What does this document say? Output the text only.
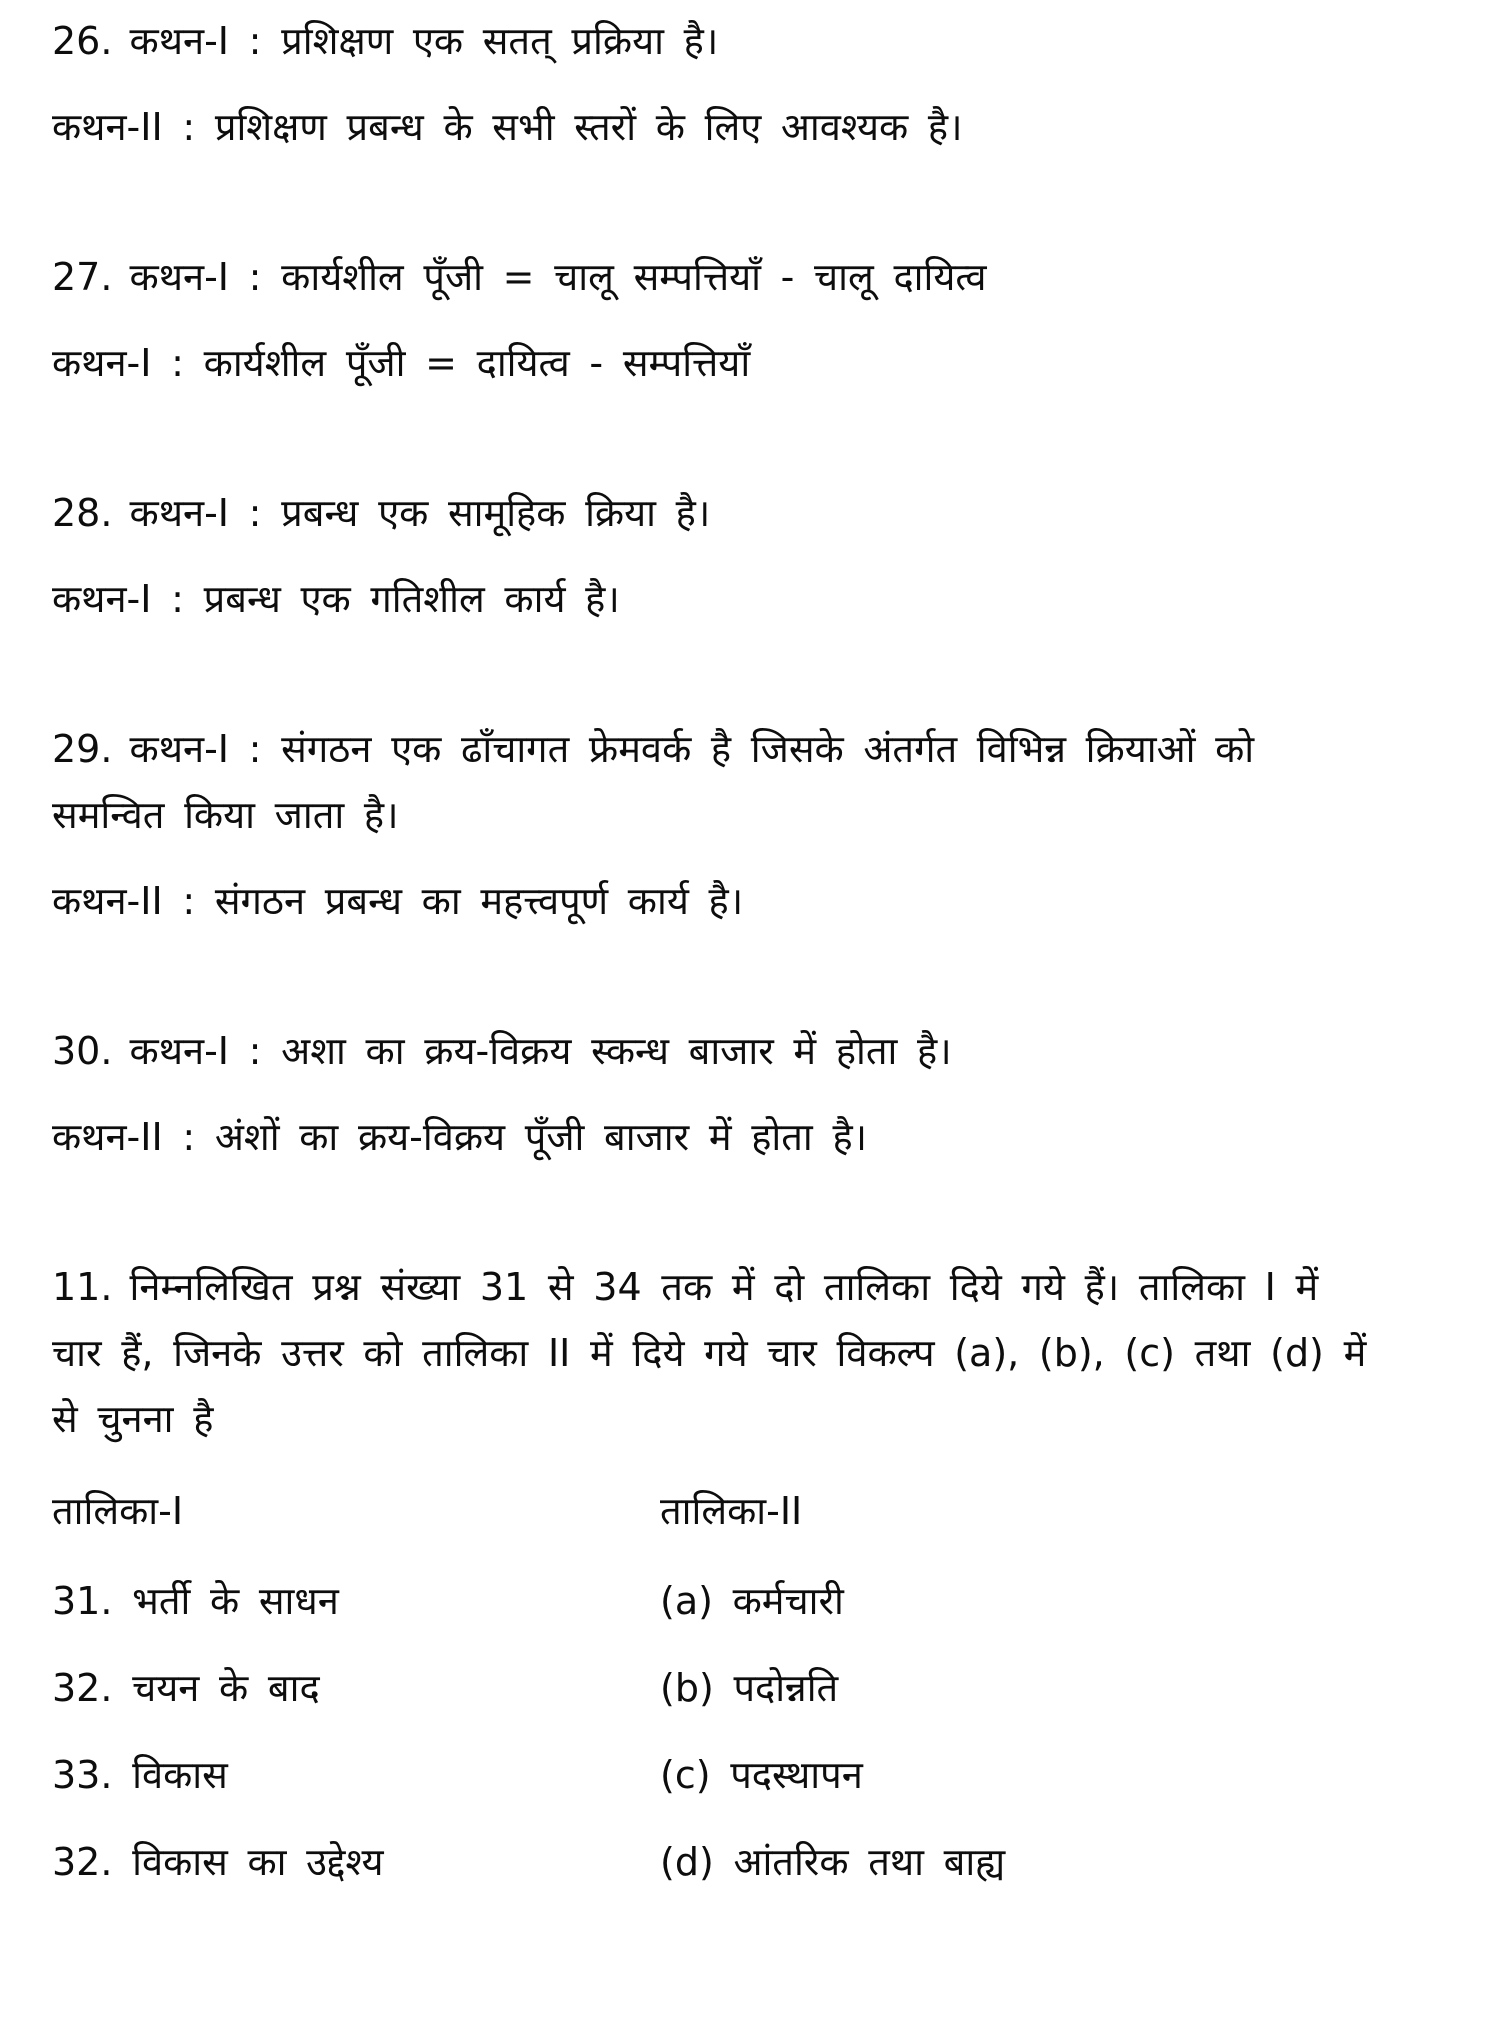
26. कथन-I : प्रशिक्षण एक सतत् प्रक्रिया है।
कथन-II : प्रशिक्षण प्रबन्ध के सभी स्तरों के लिए आवश्यक है।
27. कथन-I : कार्यशील पूँजी = चालू सम्पत्तियाँ - चालू दायित्व
कथन-I : कार्यशील पूँजी = दायित्व - सम्पत्तियाँ
28. कथन-I : प्रबन्ध एक सामूहिक क्रिया है।
कथन-I : प्रबन्ध एक गतिशील कार्य है।
29. कथन-I : संगठन एक ढाँचागत फ्रेमवर्क है जिसके अंतर्गत विभिन्न क्रियाओं को
समन्वित किया जाता है।
कथन-II : संगठन प्रबन्ध का महत्त्वपूर्ण कार्य है।
30. कथन-I : अशा का क्रय-विक्रय स्कन्ध बाजार में होता है।
कथन-II : अंशों का क्रय-विक्रय पूँजी बाजार में होता है।
11. निम्नलिखित प्रश्न संख्या 31 से 34 तक में दो तालिका दिये गये हैं। तालिका I में
चार हैं, जिनके उत्तर को तालिका II में दिये गये चार विकल्प (a), (b), (c) तथा (d) में
से चुनना है
तालिका-I	तालिका-II
31. भर्ती के साधन	(a) कर्मचारी
32. चयन के बाद	(b) पदोन्नति
33. विकास	(c) पदस्थापन
32. विकास का उद्देश्य	(d) आंतरिक तथा बाह्य
